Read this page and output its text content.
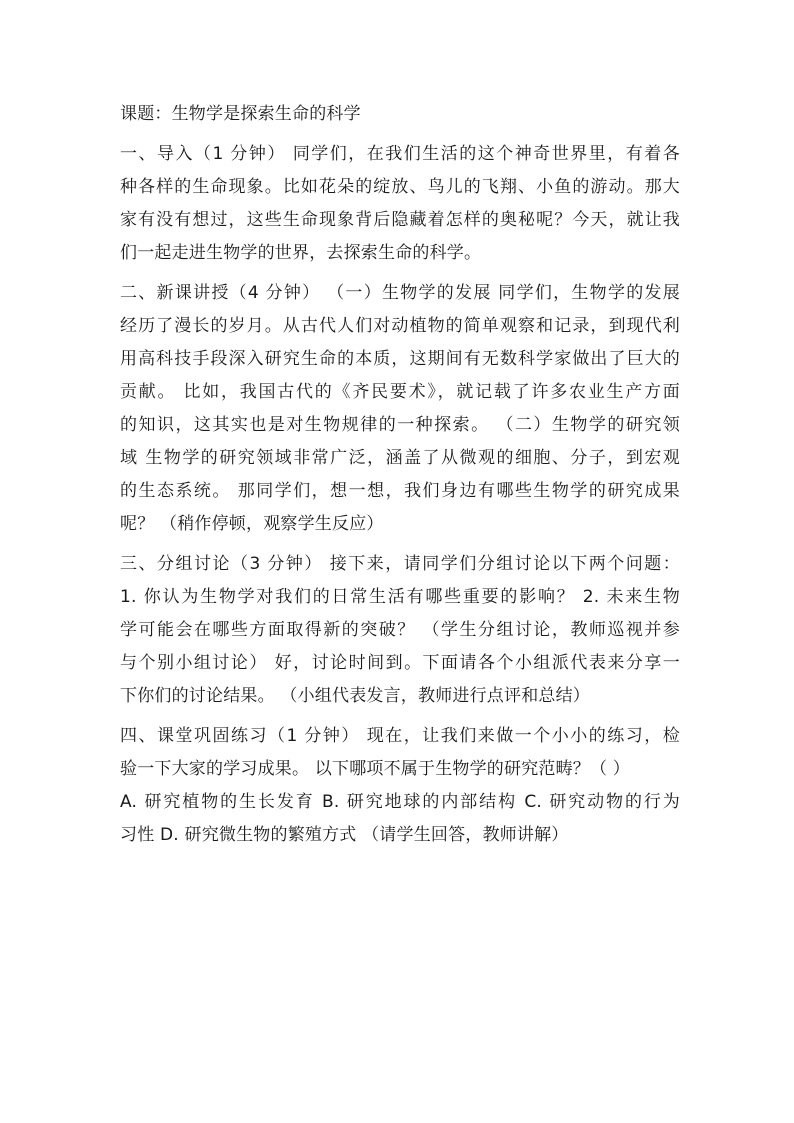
课题：生物学是探索生命的科学
一、导入（1 分钟） 同学们，在我们生活的这个神奇世界里，有着各
种各样的生命现象。比如花朵的绽放、鸟儿的飞翔、小鱼的游动。那大
家有没有想过，这些生命现象背后隐藏着怎样的奥秘呢？今天，就让我
们一起走进生物学的世界，去探索生命的科学。
二、新课讲授（4 分钟） （一）生物学的发展 同学们，生物学的发展
经历了漫长的岁月。从古代人们对动植物的简单观察和记录，到现代利
用高科技手段深入研究生命的本质，这期间有无数科学家做出了巨大的
贡献。 比如，我国古代的《齐民要术》，就记载了许多农业生产方面
的知识，这其实也是对生物规律的一种探索。 （二）生物学的研究领
域 生物学的研究领域非常广泛，涵盖了从微观的细胞、分子，到宏观
的生态系统。 那同学们，想一想，我们身边有哪些生物学的研究成果
呢？ （稍作停顿，观察学生反应）
三、分组讨论（3 分钟） 接下来，请同学们分组讨论以下两个问题：
1. 你认为生物学对我们的日常生活有哪些重要的影响？ 2. 未来生物
学可能会在哪些方面取得新的突破？ （学生分组讨论，教师巡视并参
与个别小组讨论） 好，讨论时间到。下面请各个小组派代表来分享一
下你们的讨论结果。 （小组代表发言，教师进行点评和总结）
四、课堂巩固练习（1 分钟） 现在，让我们来做一个小小的练习，检
验一下大家的学习成果。 以下哪项不属于生物学的研究范畴？（ ）
A. 研究植物的生长发育 B. 研究地球的内部结构 C. 研究动物的行为
习性 D. 研究微生物的繁殖方式 （请学生回答，教师讲解）
